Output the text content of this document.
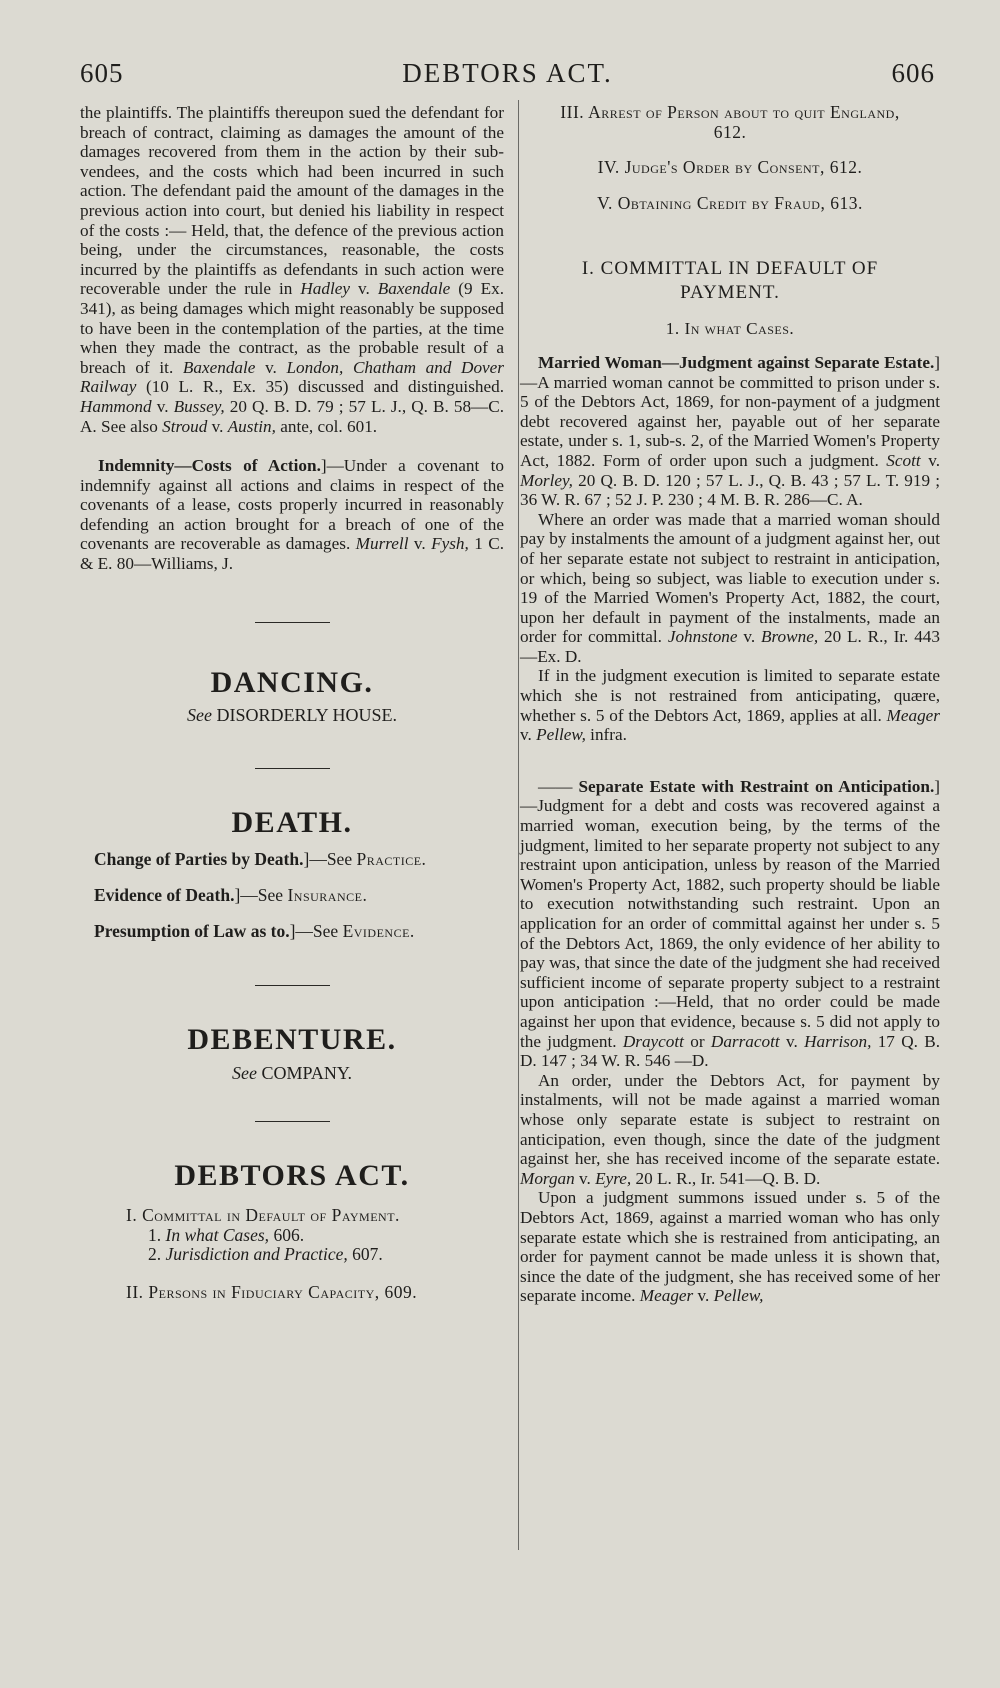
605	DEBTORS ACT.	606

the plaintiffs. The plaintiffs thereupon sued the defendant for breach of contract, claiming as damages the amount of the damages recovered from them in the action by their sub-vendees, and the costs which had been incurred in such action. The defendant paid the amount of the damages in the previous action into court, but denied his liability in respect of the costs :— Held, that, the defence of the previous action being, under the circumstances, reasonable, the costs incurred by the plaintiffs as defendants in such action were recoverable under the rule in Hadley v. Baxendale (9 Ex. 341), as being damages which might reasonably be supposed to have been in the contemplation of the parties, at the time when they made the contract, as the probable result of a breach of it. Baxendale v. London, Chatham and Dover Railway (10 L. R., Ex. 35) discussed and distinguished. Hammond v. Bussey, 20 Q. B. D. 79 ; 57 L. J., Q. B. 58—C. A. See also Stroud v. Austin, ante, col. 601.

Indemnity—Costs of Action.]—Under a covenant to indemnify against all actions and claims in respect of the covenants of a lease, costs properly incurred in reasonably defending an action brought for a breach of one of the covenants are recoverable as damages. Murrell v. Fysh, 1 C. & E. 80—Williams, J.

DANCING.
See DISORDERLY HOUSE.
DEATH.

Change of Parties by Death.]—See Practice.

Evidence of Death.]—See Insurance.

Presumption of Law as to.]—See Evidence.

DEBENTURE.
See COMPANY.
DEBTORS ACT.

I. Committal in Default of Payment.

1. In what Cases, 606.

2. Jurisdiction and Practice, 607.

II. Persons in Fiduciary Capacity, 609.

III. Arrest of Person about to quit England, 612.

IV. Judge's Order by Consent, 612.

V. Obtaining Credit by Fraud, 613.

I. COMMITTAL IN DEFAULT OF PAYMENT.

1. In what Cases.

Married Woman—Judgment against Separate Estate.]—A married woman cannot be committed to prison under s. 5 of the Debtors Act, 1869, for non-payment of a judgment debt recovered against her, payable out of her separate estate, under s. 1, sub-s. 2, of the Married Women's Property Act, 1882. Form of order upon such a judgment. Scott v. Morley, 20 Q. B. D. 120 ; 57 L. J., Q. B. 43 ; 57 L. T. 919 ; 36 W. R. 67 ; 52 J. P. 230 ; 4 M. B. R. 286—C. A.

Where an order was made that a married woman should pay by instalments the amount of a judgment against her, out of her separate estate not subject to restraint in anticipation, or which, being so subject, was liable to execution under s. 19 of the Married Women's Property Act, 1882, the court, upon her default in payment of the instalments, made an order for committal. Johnstone v. Browne, 20 L. R., Ir. 443 —Ex. D.

If in the judgment execution is limited to separate estate which she is not restrained from anticipating, quære, whether s. 5 of the Debtors Act, 1869, applies at all. Meager v. Pellew, infra.

—— Separate Estate with Restraint on Anticipation.]—Judgment for a debt and costs was recovered against a married woman, execution being, by the terms of the judgment, limited to her separate property not subject to any restraint upon anticipation, unless by reason of the Married Women's Property Act, 1882, such property should be liable to execution notwithstanding such restraint. Upon an application for an order of committal against her under s. 5 of the Debtors Act, 1869, the only evidence of her ability to pay was, that since the date of the judgment she had received sufficient income of separate property subject to a restraint upon anticipation :—Held, that no order could be made against her upon that evidence, because s. 5 did not apply to the judgment. Draycott or Darracott v. Harrison, 17 Q. B. D. 147 ; 34 W. R. 546 —D.

An order, under the Debtors Act, for payment by instalments, will not be made against a married woman whose only separate estate is subject to restraint on anticipation, even though, since the date of the judgment against her, she has received income of the separate estate. Morgan v. Eyre, 20 L. R., Ir. 541—Q. B. D.

Upon a judgment summons issued under s. 5 of the Debtors Act, 1869, against a married woman who has only separate estate which she is restrained from anticipating, an order for payment cannot be made unless it is shown that, since the date of the judgment, she has received some of her separate income. Meager v. Pellew,
